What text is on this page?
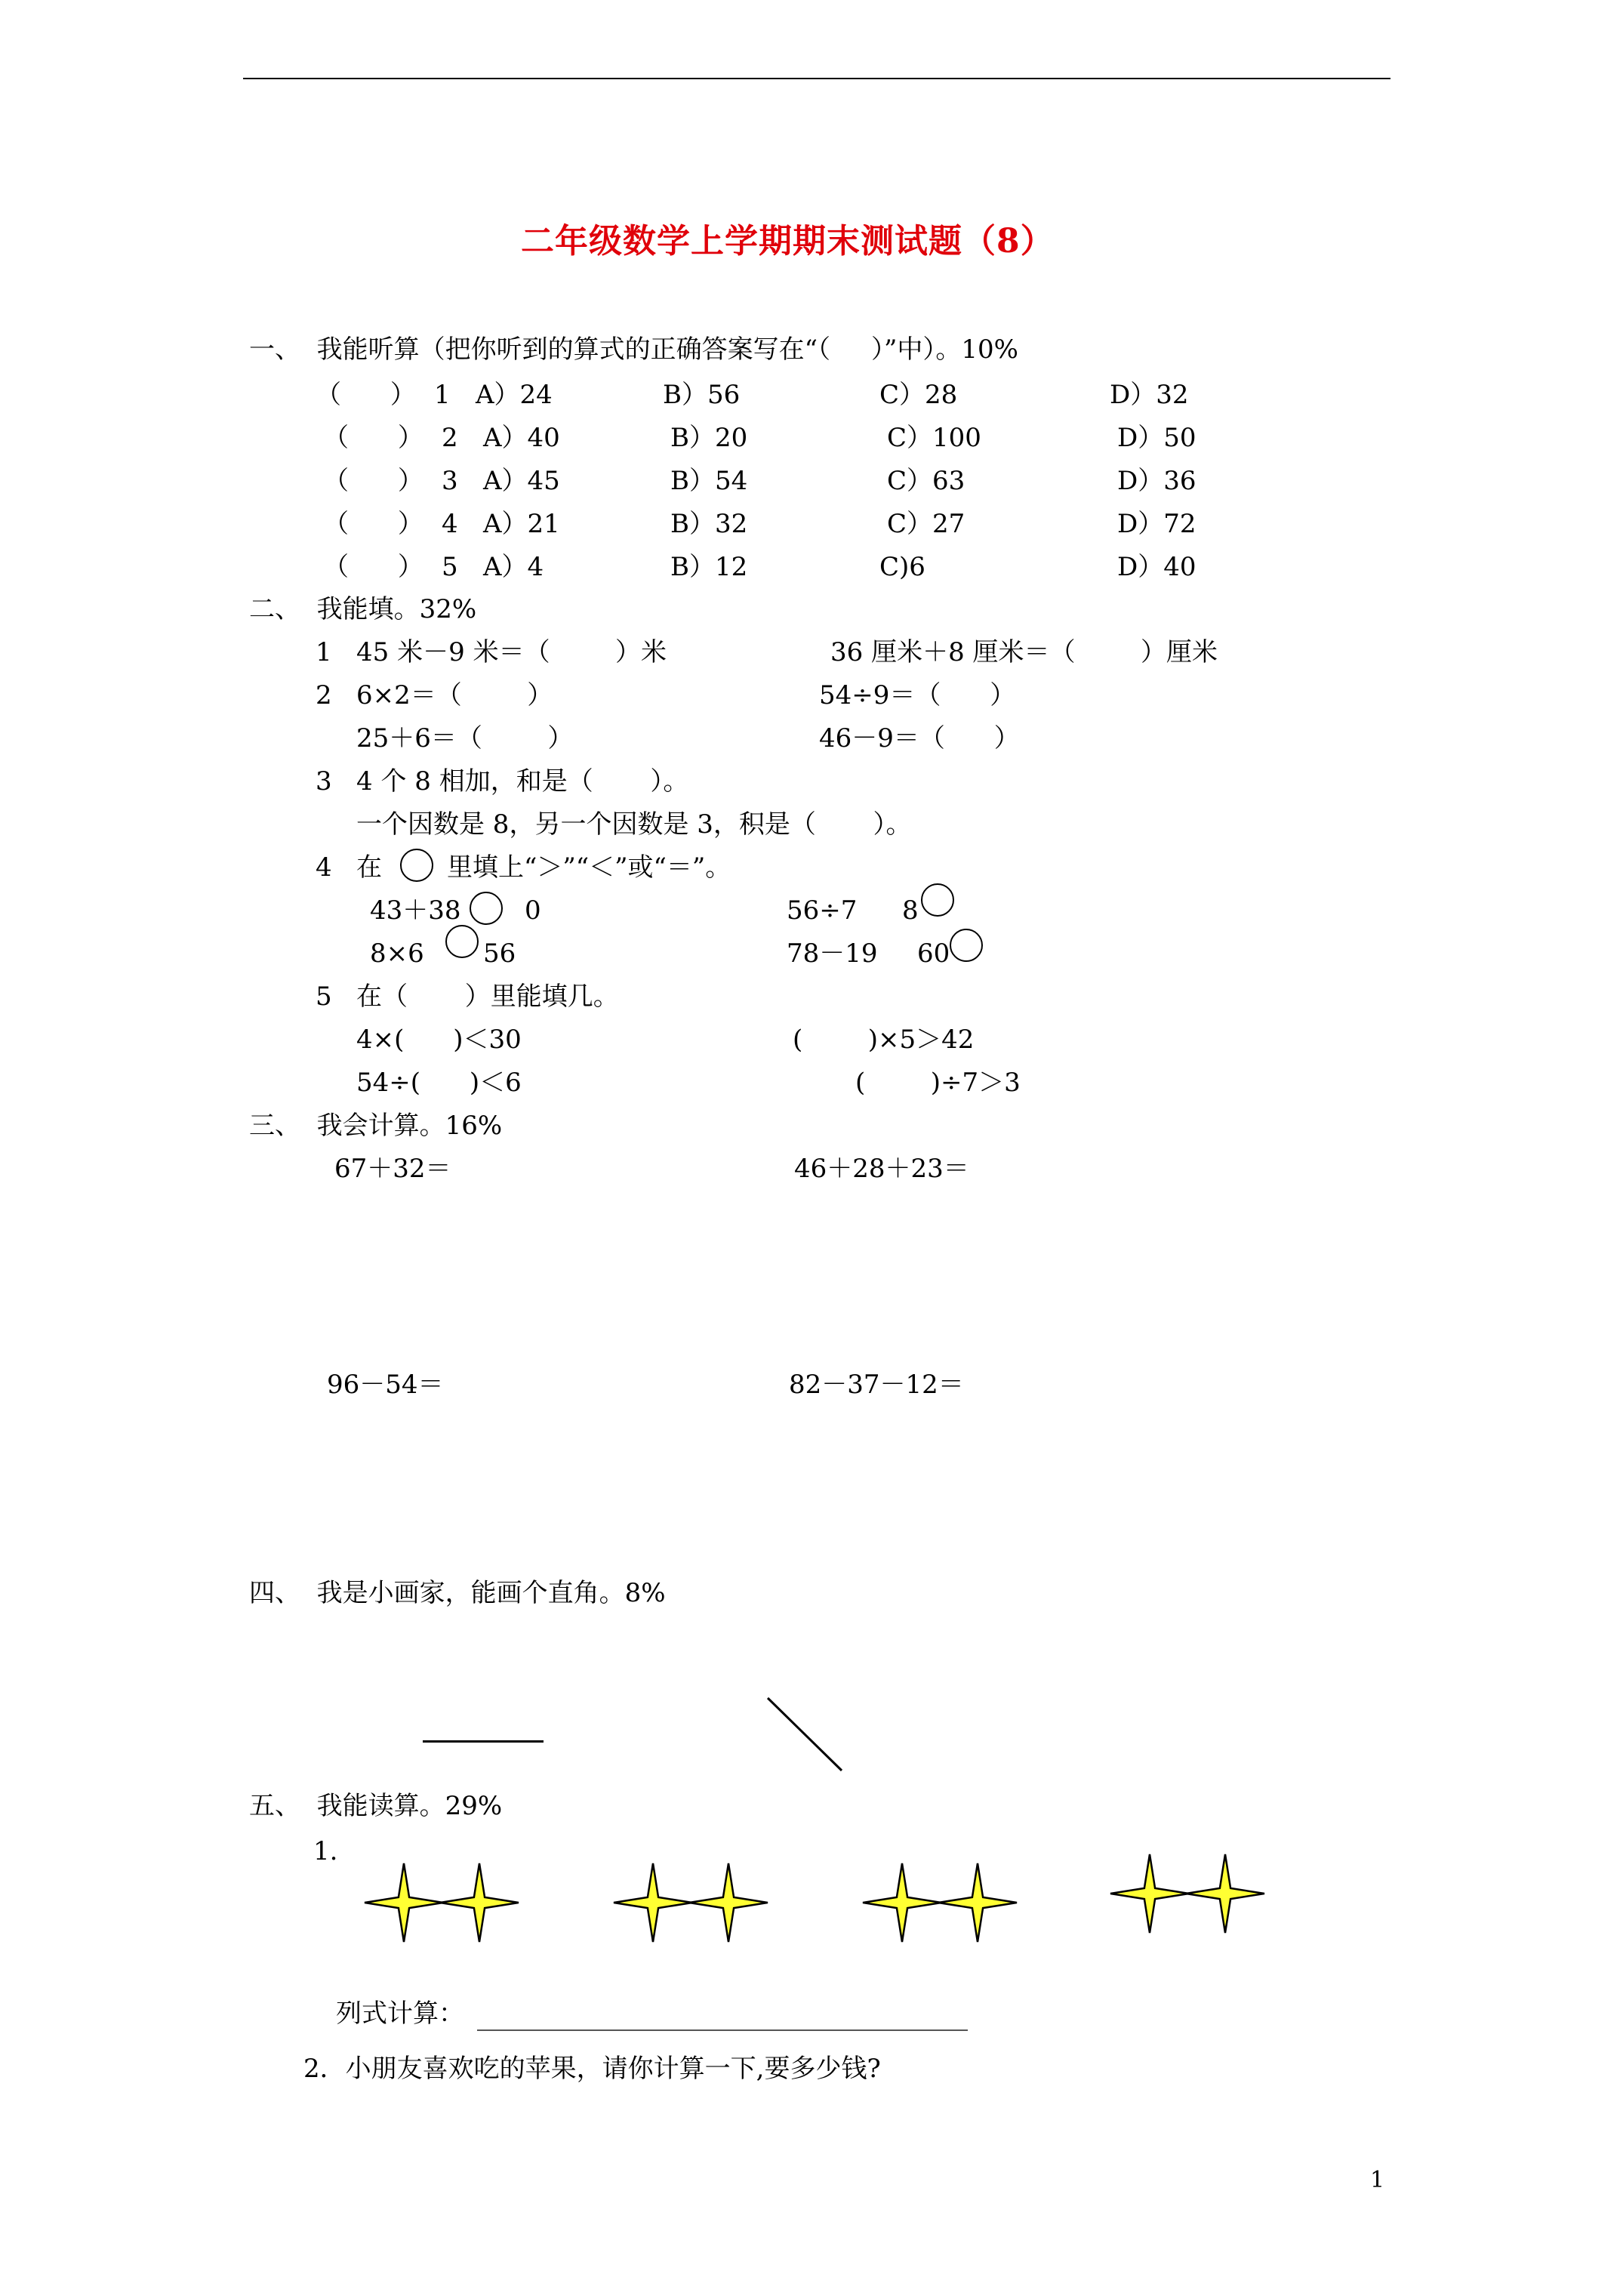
二年级数学上学期期末测试题（8）
一、  我能听算（把你听到的算式的正确答案写在“（     ）”中）。10%
（      ） 1 A）24	B）56	C）28	D）32
（      ） 2 A）40	B）20	C）100	D）50
（      ） 3 A）45	B）54	C）63	D）36
（      ） 4 A）21	B）32	C）27	D）72
（      ） 5 A）4	B）12	C)6	D）40
二、  我能填。32%
1   45 米－9 米＝（        ）米	36 厘米＋8 厘米＝（        ）厘米
2   6×2＝（        ）	54÷9＝（      ）
25＋6＝（        ）	46－9＝（      ）
3   4 个 8 相加，和是（       ）。
一个因数是 8，另一个因数是 3，积是（       ）。
4   在	里填上“＞”“＜”或“＝”。
43＋38 0	56÷7 8
8×6 56	78－19 60
5   在（       ）里能填几。
4×(      )＜30	(        )×5＞42
54÷(      )＜6	(        )÷7＞3
三、  我会计算。16%
67＋32＝	46＋28＋23＝
96－54＝	82－37－12＝
四、  我是小画家，能画个直角。8%
五、  我能读算。29%
1.
列式计算：
2．小朋友喜欢吃的苹果，请你计算一下,要多少钱?
1
